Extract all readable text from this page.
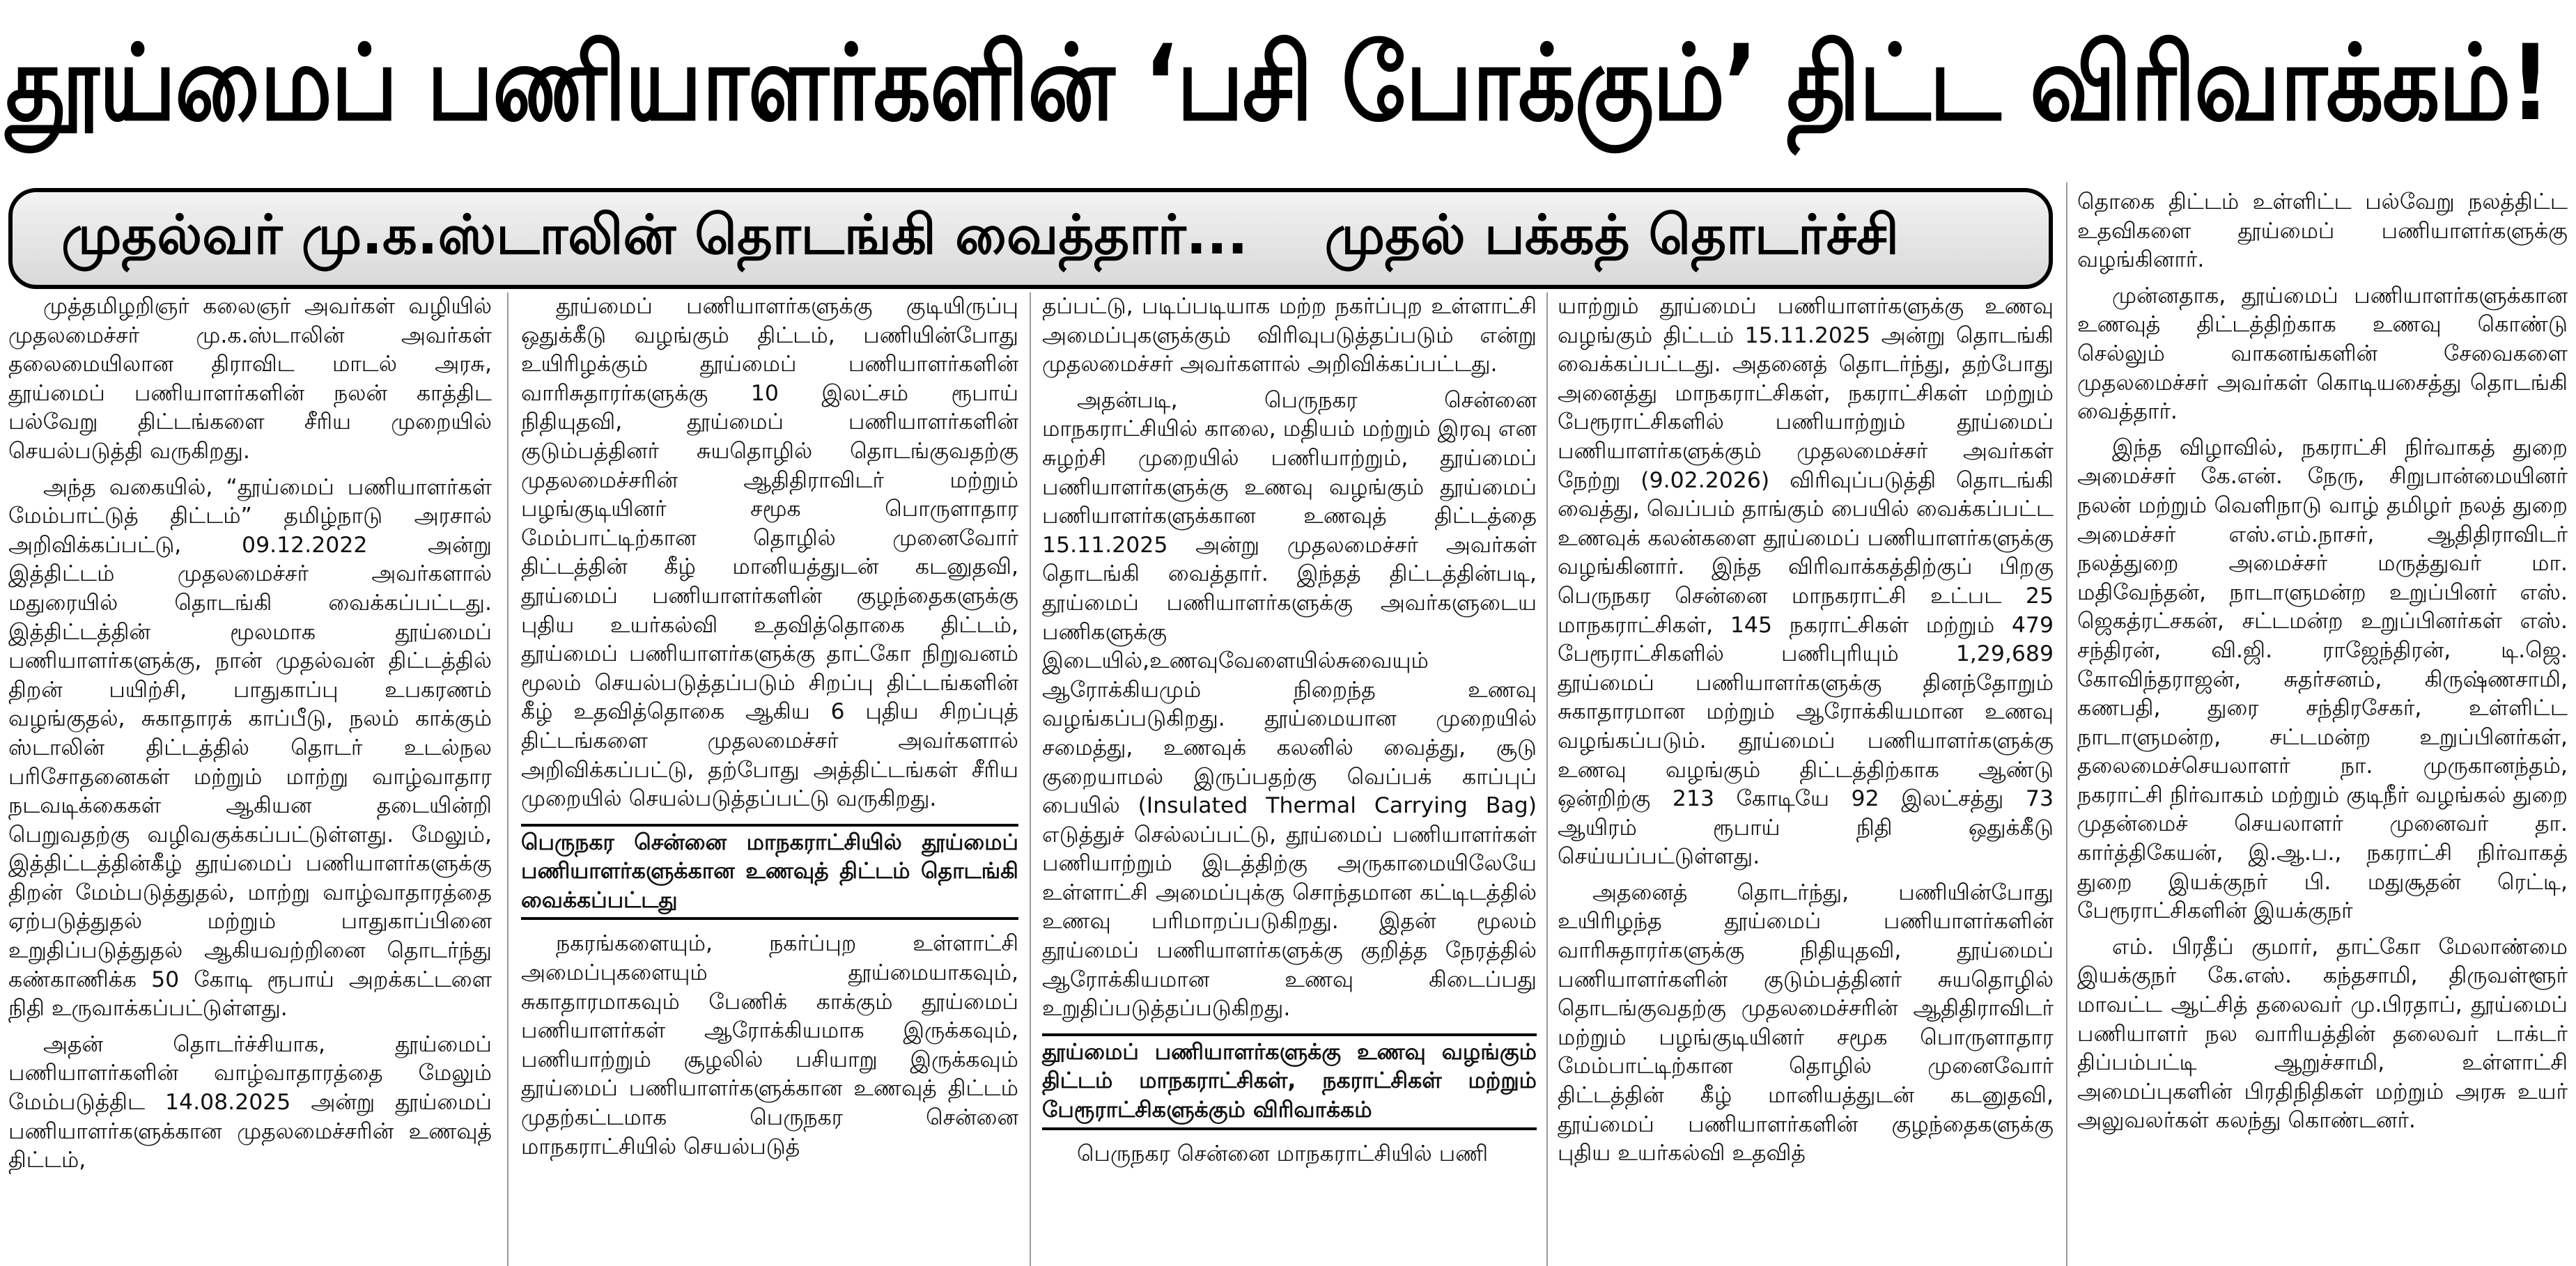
தூய்மைப் பணியாளர்களின் ‘பசி போக்கும்’ திட்ட விரிவாக்கம்!
முதல்வர் மு.க.ஸ்டாலின் தொடங்கி வைத்தார்... முதல் பக்கத் தொடர்ச்சி

முத்தமிழறிஞர் கலைஞர் அவர்கள் வழியில் முதலமைச்சர் மு.க.ஸ்டாலின் அவர்கள் தலைமையிலான திராவிட மாடல் அரசு, தூய்மைப் பணியாளர்களின் நலன் காத்திட பல்வேறு திட்டங்களை சீரிய முறையில் செயல்படுத்தி வருகிறது.

அந்த வகையில், “தூய்மைப் பணியாளர்கள் மேம்பாட்டுத் திட்டம்” தமிழ்நாடு அரசால் அறிவிக்கப்பட்டு, 09.12.2022 அன்று இத்திட்டம் முதலமைச்சர் அவர்களால் மதுரையில் தொடங்கி வைக்கப்பட்டது. இத்திட்டத்தின் மூலமாக தூய்மைப் பணியாளர்களுக்கு, நான் முதல்வன் திட்டத்தில் திறன் பயிற்சி, பாதுகாப்பு உபகரணம் வழங்குதல், சுகாதாரக் காப்பீடு, நலம் காக்கும் ஸ்டாலின் திட்டத்தில் தொடர் உடல்நல பரிசோதனைகள் மற்றும் மாற்று வாழ்வாதார நடவடிக்கைகள் ஆகியன தடையின்றி பெறுவதற்கு வழிவகுக்கப்பட்டுள்ளது. மேலும், இத்திட்டத்தின்கீழ் தூய்மைப் பணியாளர்களுக்கு திறன் மேம்படுத்துதல், மாற்று வாழ்வாதாரத்தை ஏற்படுத்துதல் மற்றும் பாதுகாப்பினை உறுதிப்படுத்துதல் ஆகியவற்றினை தொடர்ந்து கண்காணிக்க 50 கோடி ரூபாய் அறக்கட்டளை நிதி உருவாக்கப்பட்டுள்ளது.

அதன் தொடர்ச்சியாக, தூய்மைப் பணியாளர்களின் வாழ்வாதாரத்தை மேலும் மேம்படுத்திட 14.08.2025 அன்று தூய்மைப் பணியாளர்களுக்கான முதலமைச்சரின் உணவுத் திட்டம்,

தூய்மைப் பணியாளர்களுக்கு குடியிருப்பு ஒதுக்கீடு வழங்கும் திட்டம், பணியின்போது உயிரிழக்கும் தூய்மைப் பணியாளர்களின் வாரிசுதாரர்களுக்கு 10 இலட்சம் ரூபாய் நிதியுதவி, தூய்மைப் பணியாளர்களின் குடும்பத்தினர் சுயதொழில் தொடங்குவதற்கு முதலமைச்சரின் ஆதிதிராவிடர் மற்றும் பழங்குடியினர் சமூக பொருளாதார மேம்பாட்டிற்கான தொழில் முனைவோர் திட்டத்தின் கீழ் மானியத்துடன் கடனுதவி, தூய்மைப் பணியாளர்களின் குழந்தைகளுக்கு புதிய உயர்கல்வி உதவித்தொகை திட்டம், தூய்மைப் பணியாளர்களுக்கு தாட்கோ நிறுவனம் மூலம் செயல்படுத்தப்படும் சிறப்பு திட்டங்களின் கீழ் உதவித்தொகை ஆகிய 6 புதிய சிறப்புத் திட்டங்களை முதலமைச்சர் அவர்களால் அறிவிக்கப்பட்டு, தற்போது அத்திட்டங்கள் சீரிய முறையில் செயல்படுத்தப்பட்டு வருகிறது.

பெருநகர சென்னை மாநகராட்சியில் தூய்மைப் பணியாளர்களுக்கான உணவுத் திட்டம் தொடங்கி வைக்கப்பட்டது

நகரங்களையும், நகர்ப்புற உள்ளாட்சி அமைப்புகளையும் தூய்மையாகவும், சுகாதாரமாகவும் பேணிக் காக்கும் தூய்மைப் பணியாளர்கள் ஆரோக்கியமாக இருக்கவும், பணியாற்றும் சூழலில் பசியாறு இருக்கவும் தூய்மைப் பணியாளர்களுக்கான உணவுத் திட்டம் முதற்கட்டமாக பெருநகர சென்னை மாநகராட்சியில் செயல்படுத்

தப்பட்டு, படிப்படியாக மற்ற நகர்ப்புற உள்ளாட்சி அமைப்புகளுக்கும் விரிவுபடுத்தப்படும் என்று முதலமைச்சர் அவர்களால் அறிவிக்கப்பட்டது.

அதன்படி, பெருநகர சென்னை மாநகராட்சியில் காலை, மதியம் மற்றும் இரவு என சுழற்சி முறையில் பணியாற்றும், தூய்மைப் பணியாளர்களுக்கு உணவு வழங்கும் தூய்மைப் பணியாளர்களுக்கான உணவுத் திட்டத்தை 15.11.2025 அன்று முதலமைச்சர் அவர்கள் தொடங்கி வைத்தார். இந்தத் திட்டத்தின்படி, தூய்மைப் பணியாளர்களுக்கு அவர்களுடைய பணிகளுக்கு இடையில்,உணவுவேளையில்சுவையும் ஆரோக்கியமும் நிறைந்த உணவு வழங்கப்படுகிறது. தூய்மையான முறையில் சமைத்து, உணவுக் கலனில் வைத்து, சூடு குறையாமல் இருப்பதற்கு வெப்பக் காப்புப் பையில் (Insulated Thermal Carrying Bag) எடுத்துச் செல்லப்பட்டு, தூய்மைப் பணியாளர்கள் பணியாற்றும் இடத்திற்கு அருகாமையிலேயே உள்ளாட்சி அமைப்புக்கு சொந்தமான கட்டிடத்தில் உணவு பரிமாறப்படுகிறது. இதன் மூலம் தூய்மைப் பணியாளர்களுக்கு குறித்த நேரத்தில் ஆரோக்கியமான உணவு கிடைப்பது உறுதிப்படுத்தப்படுகிறது.

தூய்மைப் பணியாளர்களுக்கு உணவு வழங்கும் திட்டம் மாநகராட்சிகள், நகராட்சிகள் மற்றும் பேரூராட்சிகளுக்கும் விரிவாக்கம்

பெருநகர சென்னை மாநகராட்சியில் பணி

யாற்றும் தூய்மைப் பணியாளர்களுக்கு உணவு வழங்கும் திட்டம் 15.11.2025 அன்று தொடங்கி வைக்கப்பட்டது. அதனைத் தொடர்ந்து, தற்போது அனைத்து மாநகராட்சிகள், நகராட்சிகள் மற்றும் பேரூராட்சிகளில் பணியாற்றும் தூய்மைப் பணியாளர்களுக்கும் முதலமைச்சர் அவர்கள் நேற்று (9.02.2026) விரிவுப்படுத்தி தொடங்கி வைத்து, வெப்பம் தாங்கும் பையில் வைக்கப்பட்ட உணவுக் கலன்களை தூய்மைப் பணியாளர்களுக்கு வழங்கினார். இந்த விரிவாக்கத்திற்குப் பிறகு பெருநகர சென்னை மாநகராட்சி உட்பட 25 மாநகராட்சிகள், 145 நகராட்சிகள் மற்றும் 479 பேரூராட்சிகளில் பணிபுரியும் 1,29,689 தூய்மைப் பணியாளர்களுக்கு தினந்தோறும் சுகாதாரமான மற்றும் ஆரோக்கியமான உணவு வழங்கப்படும். தூய்மைப் பணியாளர்களுக்கு உணவு வழங்கும் திட்டத்திற்காக ஆண்டு ஒன்றிற்கு 213 கோடியே 92 இலட்சத்து 73 ஆயிரம் ரூபாய் நிதி ஒதுக்கீடு செய்யப்பட்டுள்ளது.

அதனைத் தொடர்ந்து, பணியின்போது உயிரிழந்த தூய்மைப் பணியாளர்களின் வாரிசுதாரர்களுக்கு நிதியுதவி, தூய்மைப் பணியாளர்களின் குடும்பத்தினர் சுயதொழில் தொடங்குவதற்கு முதலமைச்சரின் ஆதிதிராவிடர் மற்றும் பழங்குடியினர் சமூக பொருளாதார மேம்பாட்டிற்கான தொழில் முனைவோர் திட்டத்தின் கீழ் மானியத்துடன் கடனுதவி, தூய்மைப் பணியாளர்களின் குழந்தைகளுக்கு புதிய உயர்கல்வி உதவித்

தொகை திட்டம் உள்ளிட்ட பல்வேறு நலத்திட்ட உதவிகளை தூய்மைப் பணியாளர்களுக்கு வழங்கினார்.

முன்னதாக, தூய்மைப் பணியாளர்களுக்கான உணவுத் திட்டத்திற்காக உணவு கொண்டு செல்லும் வாகனங்களின் சேவைகளை முதலமைச்சர் அவர்கள் கொடியசைத்து தொடங்கி வைத்தார்.

இந்த விழாவில், நகராட்சி நிர்வாகத் துறை அமைச்சர் கே.என். நேரு, சிறுபான்மையினர் நலன் மற்றும் வெளிநாடு வாழ் தமிழர் நலத் துறை அமைச்சர் எஸ்.எம்.நாசர், ஆதிதிராவிடர் நலத்துறை அமைச்சர் மருத்துவர் மா. மதிவேந்தன், நாடாளுமன்ற உறுப்பினர் எஸ். ஜெகத்ரட்சகன், சட்டமன்ற உறுப்பினர்கள் எஸ். சந்திரன், வி.ஜி. ராஜேந்திரன், டி.ஜெ. கோவிந்தராஜன், சுதர்சனம், கிருஷ்ணசாமி, கணபதி, துரை சந்திரசேகர், உள்ளிட்ட நாடாளுமன்ற, சட்டமன்ற உறுப்பினர்கள், தலைமைச்செயலாளர் நா. முருகானந்தம், நகராட்சி நிர்வாகம் மற்றும் குடிநீர் வழங்கல் துறை முதன்மைச் செயலாளர் முனைவர் தா. கார்த்திகேயன், இ.ஆ.ப., நகராட்சி நிர்வாகத் துறை இயக்குநர் பி. மதுசூதன் ரெட்டி, பேரூராட்சிகளின் இயக்குநர்

எம். பிரதீப் குமார், தாட்கோ மேலாண்மை இயக்குநர் கே.எஸ். கந்தசாமி, திருவள்ளூர் மாவட்ட ஆட்சித் தலைவர் மு.பிரதாப், தூய்மைப் பணியாளர் நல வாரியத்தின் தலைவர் டாக்டர் திப்பம்பட்டி ஆறுச்சாமி, உள்ளாட்சி அமைப்புகளின் பிரதிநிதிகள் மற்றும் அரசு உயர் அலுவலர்கள் கலந்து கொண்டனர்.
